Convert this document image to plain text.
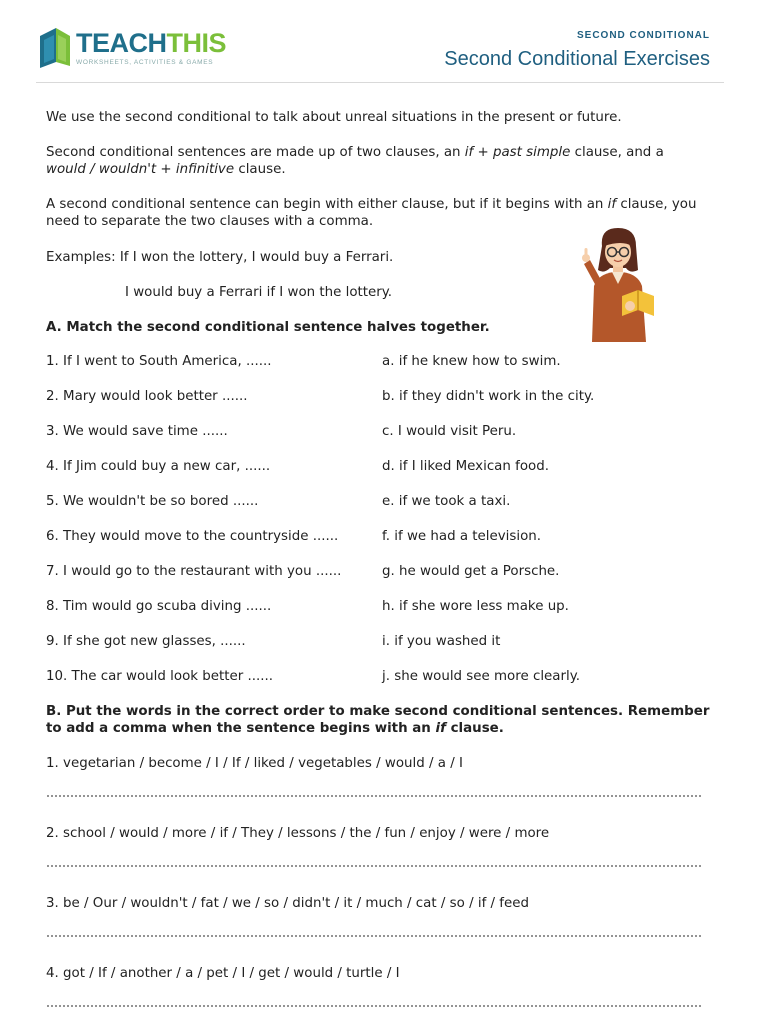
TEACHTHIS
WORKSHEETS, ACTIVITIES & GAMES
SECOND CONDITIONAL
Second Conditional Exercises
We use the second conditional to talk about unreal situations in the present or future.
Second conditional sentences are made up of two clauses, an if + past simple clause, and a
would / wouldn't + infinitive clause.
A second conditional sentence can begin with either clause, but if it begins with an if clause, you need to separate the two clauses with a comma.
Examples: If I won the lottery, I would buy a Ferrari.
I would buy a Ferrari if I won the lottery.
A. Match the second conditional sentence halves together.
1. If I went to South America, ......	a. if he knew how to swim.
2. Mary would look better ......	b. if they didn't work in the city.
3. We would save time ......	c. I would visit Peru.
4. If Jim could buy a new car, ......	d. if I liked Mexican food.
5. We wouldn't be so bored ......	e. if we took a taxi.
6. They would move to the countryside ......	f. if we had a television.
7. I would go to the restaurant with you ......	g. he would get a Porsche.
8. Tim would go scuba diving ......	h. if she wore less make up.
9. If she got new glasses, ......	i. if you washed it
10. The car would look better ......	j. she would see more clearly.
B. Put the words in the correct order to make second conditional sentences. Remember to add a comma when the sentence begins with an if clause.
1. vegetarian / become / I / If / liked / vegetables / would / a / I
2. school / would / more / if / They / lessons / the / fun / enjoy / were / more
3. be / Our / wouldn't / fat / we / so / didn't / it / much / cat / so / if / feed
4. got / If / another / a / pet / I / get / would / turtle / I
